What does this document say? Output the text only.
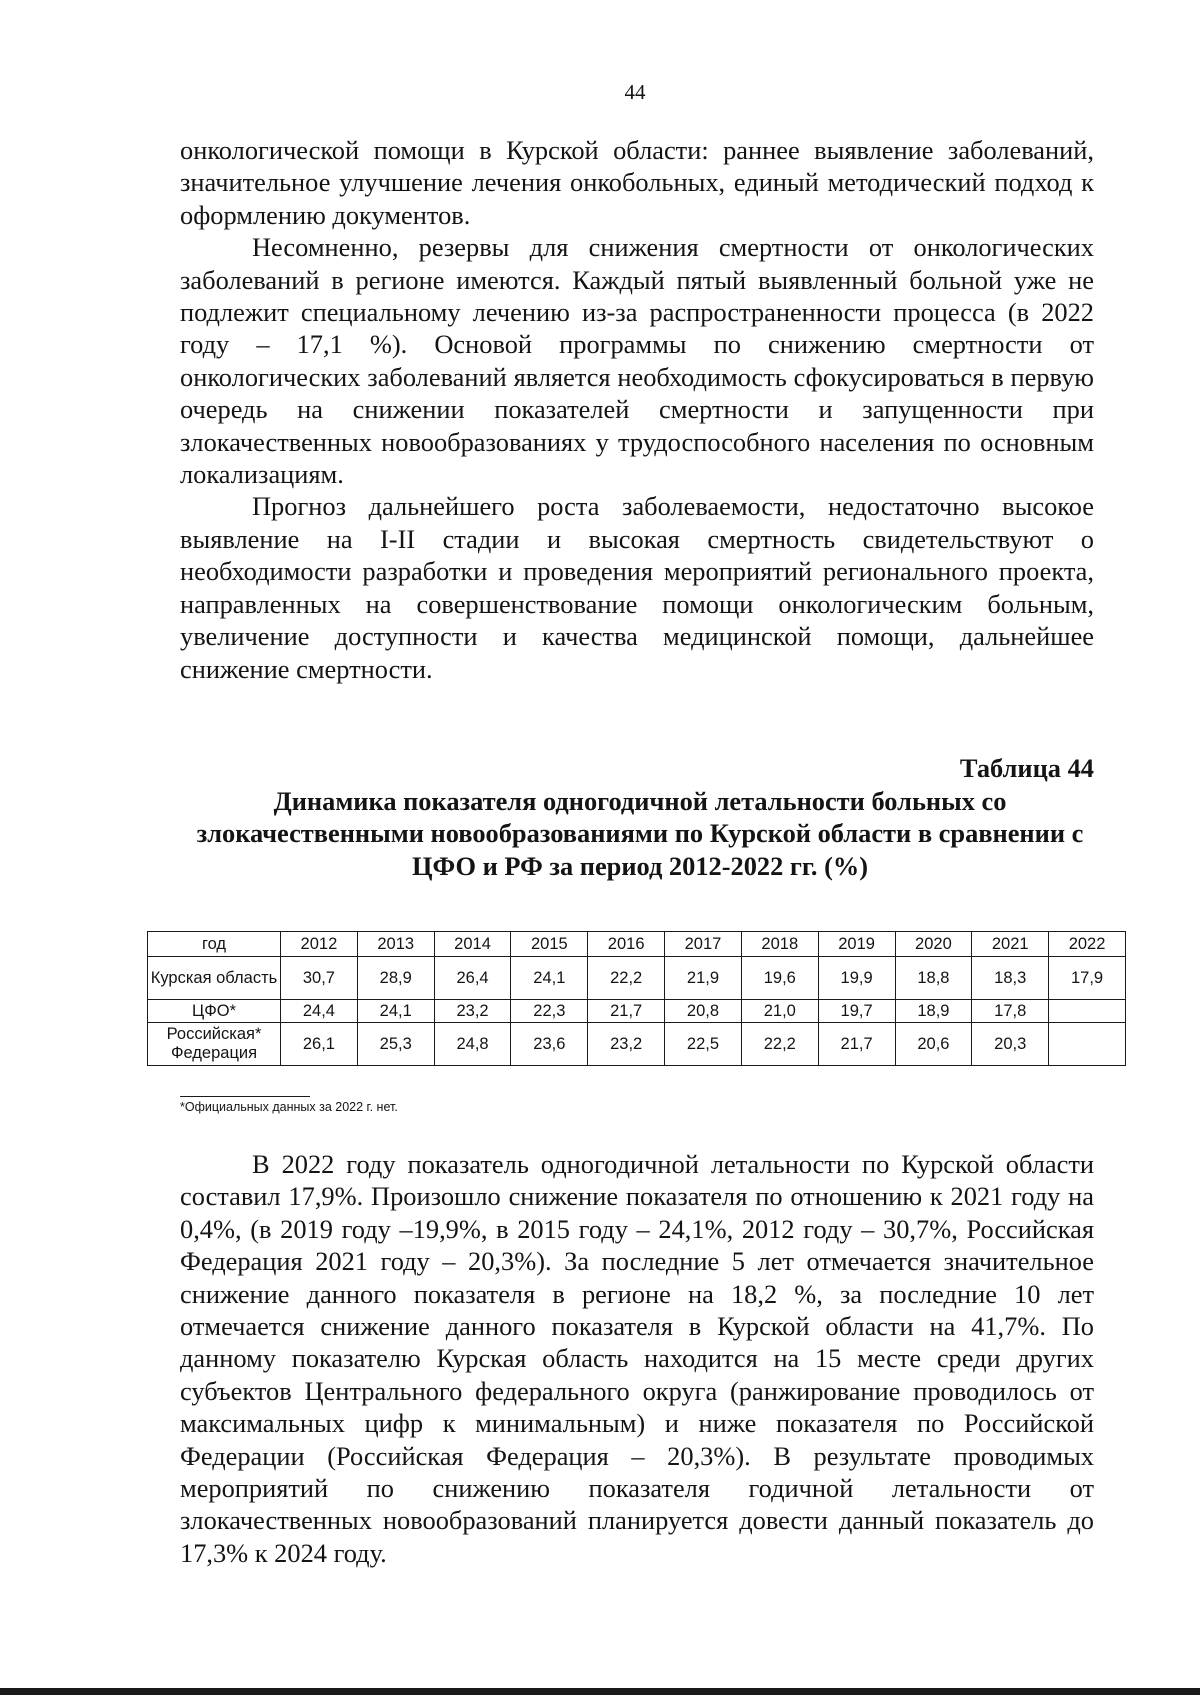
44

онкологической помощи в Курской области: раннее выявление заболеваний, значительное улучшение лечения онкобольных, единый методический подход к оформлению документов.

Несомненно, резервы для снижения смертности от онкологических заболеваний в регионе имеются. Каждый пятый выявленный больной уже не подлежит специальному лечению из-за распространенности процесса (в 2022 году – 17,1 %). Основой программы по снижению смертности от онкологических заболеваний является необходимость сфокусироваться в первую очередь на снижении показателей смертности и запущенности при злокачественных новообразованиях у трудоспособного населения по основным локализациям.

Прогноз дальнейшего роста заболеваемости, недостаточно высокое выявление на I-II стадии и высокая смертность свидетельствуют о необходимости разработки и проведения мероприятий регионального проекта, направленных на совершенствование помощи онкологическим больным, увеличение доступности и качества медицинской помощи, дальнейшее снижение смертности.

Таблица 44
Динамика показателя одногодичной летальности больных со злокачественными новообразованиями по Курской области в сравнении с ЦФО и РФ за период 2012-2022 гг. (%)
год	2012	2013	2014	2015	2016	2017	2018	2019	2020	2021	2022
Курская область	30,7	28,9	26,4	24,1	22,2	21,9	19,6	19,9	18,8	18,3	17,9
ЦФО*	24,4	24,1	23,2	22,3	21,7	20,8	21,0	19,7	18,9	17,8	
Российская* Федерация	26,1	25,3	24,8	23,6	23,2	22,5	22,2	21,7	20,6	20,3	
*Официальных данных за 2022 г. нет.

В 2022 году показатель одногодичной летальности по Курской области составил 17,9%. Произошло снижение показателя по отношению к 2021 году на 0,4%, (в 2019 году –19,9%, в 2015 году – 24,1%, 2012 году – 30,7%, Российская Федерация 2021 году – 20,3%). За последние 5 лет отмечается значительное снижение данного показателя в регионе на 18,2 %, за последние 10 лет отмечается снижение данного показателя в Курской области на 41,7%. По данному показателю Курская область находится на 15 месте среди других субъектов Центрального федерального округа (ранжирование проводилось от максимальных цифр к минимальным) и ниже показателя по Российской Федерации (Российская Федерация – 20,3%). В результате проводимых мероприятий по снижению показателя годичной летальности от злокачественных новообразований планируется довести данный показатель до 17,3% к 2024 году.
